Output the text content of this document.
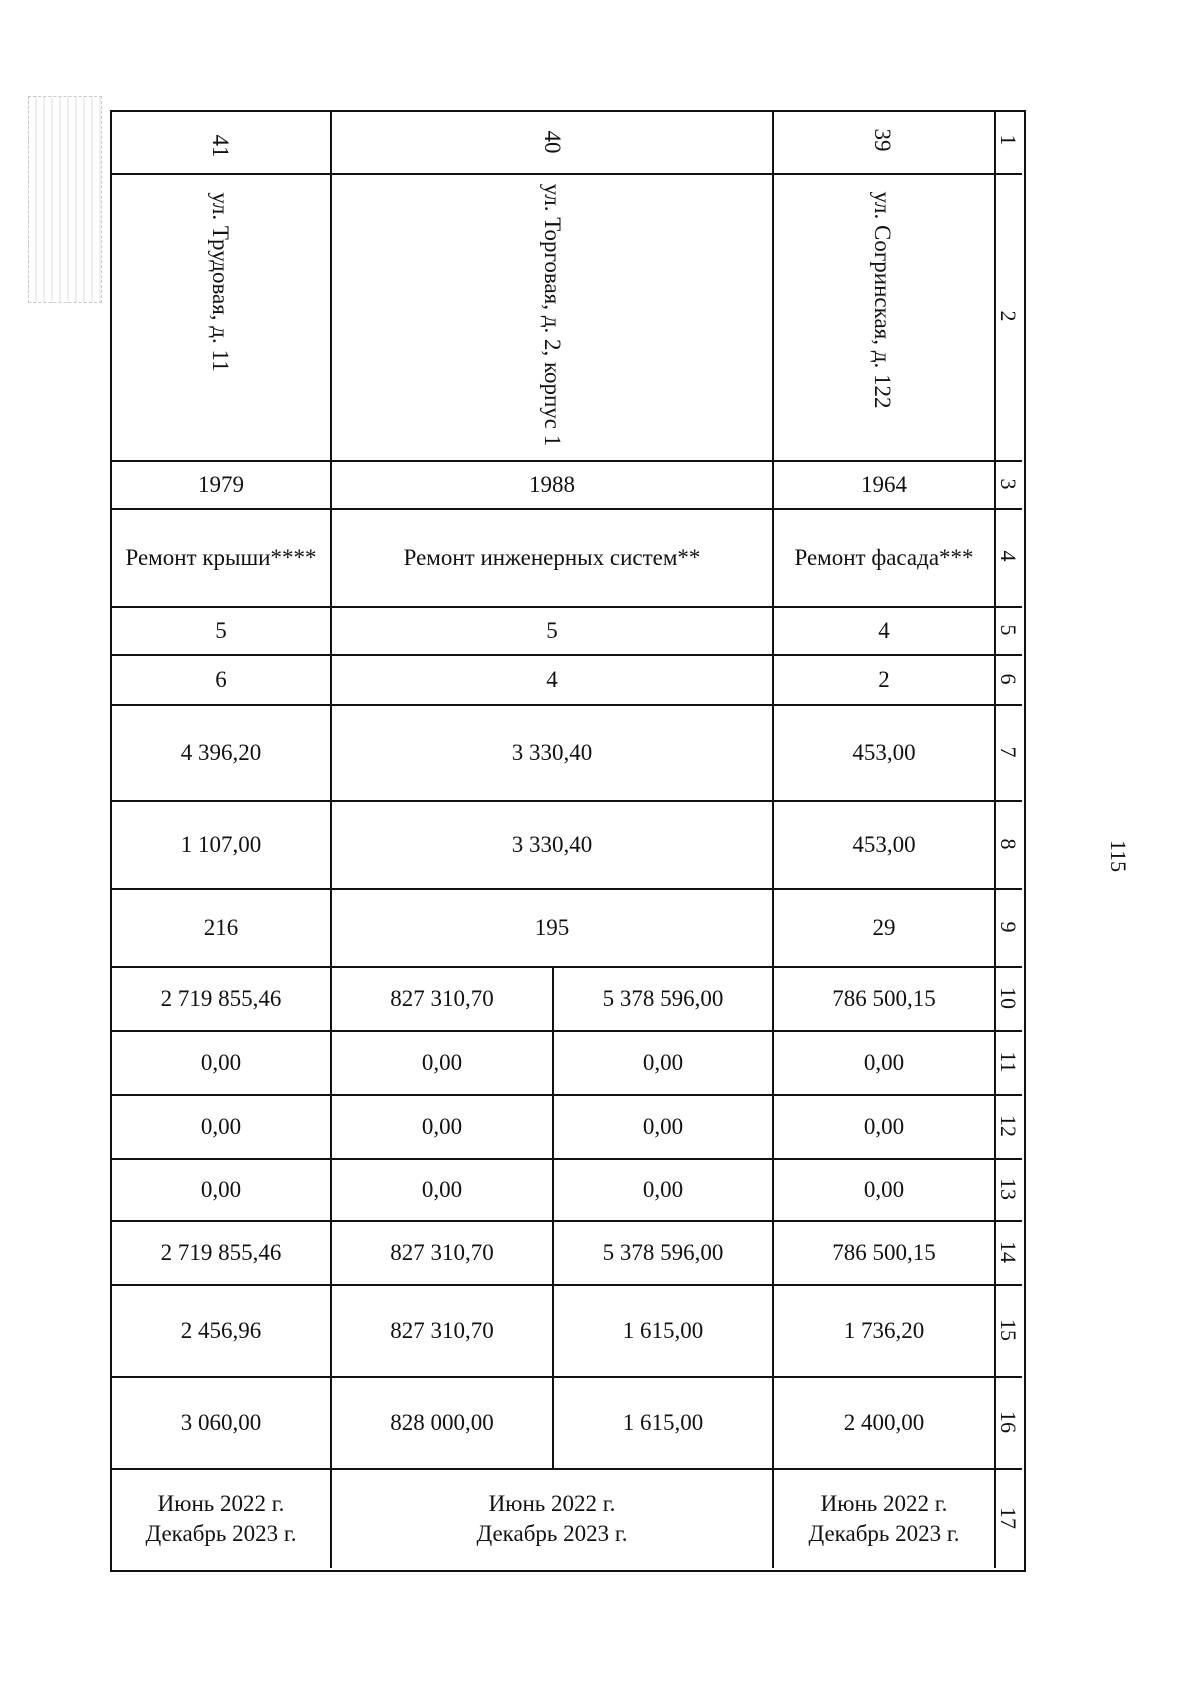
1
2
3
4
5
6
7
8
9
10
11
12
13
14
15
16
17
39
ул. Согринская, д. 122
1964
Ремонт фасада***
4
2
453,00
453,00
29
786 500,15
0,00
0,00
0,00
786 500,15
1 736,20
2 400,00
Июнь 2022 г.
Декабрь 2023 г.
40
ул. Торговая, д. 2, корпус 1
1988
Ремонт инженерных систем**
5
4
3 330,40
3 330,40
195
5 378 596,00
0,00
0,00
0,00
5 378 596,00
1 615,00
1 615,00
827 310,70
0,00
0,00
0,00
827 310,70
827 310,70
828 000,00
Июнь 2022 г.
Декабрь 2023 г.
41
ул. Трудовая, д. 11
1979
Ремонт крыши****
5
6
4 396,20
1 107,00
216
2 719 855,46
0,00
0,00
0,00
2 719 855,46
2 456,96
3 060,00
Июнь 2022 г.
Декабрь 2023 г.
115
